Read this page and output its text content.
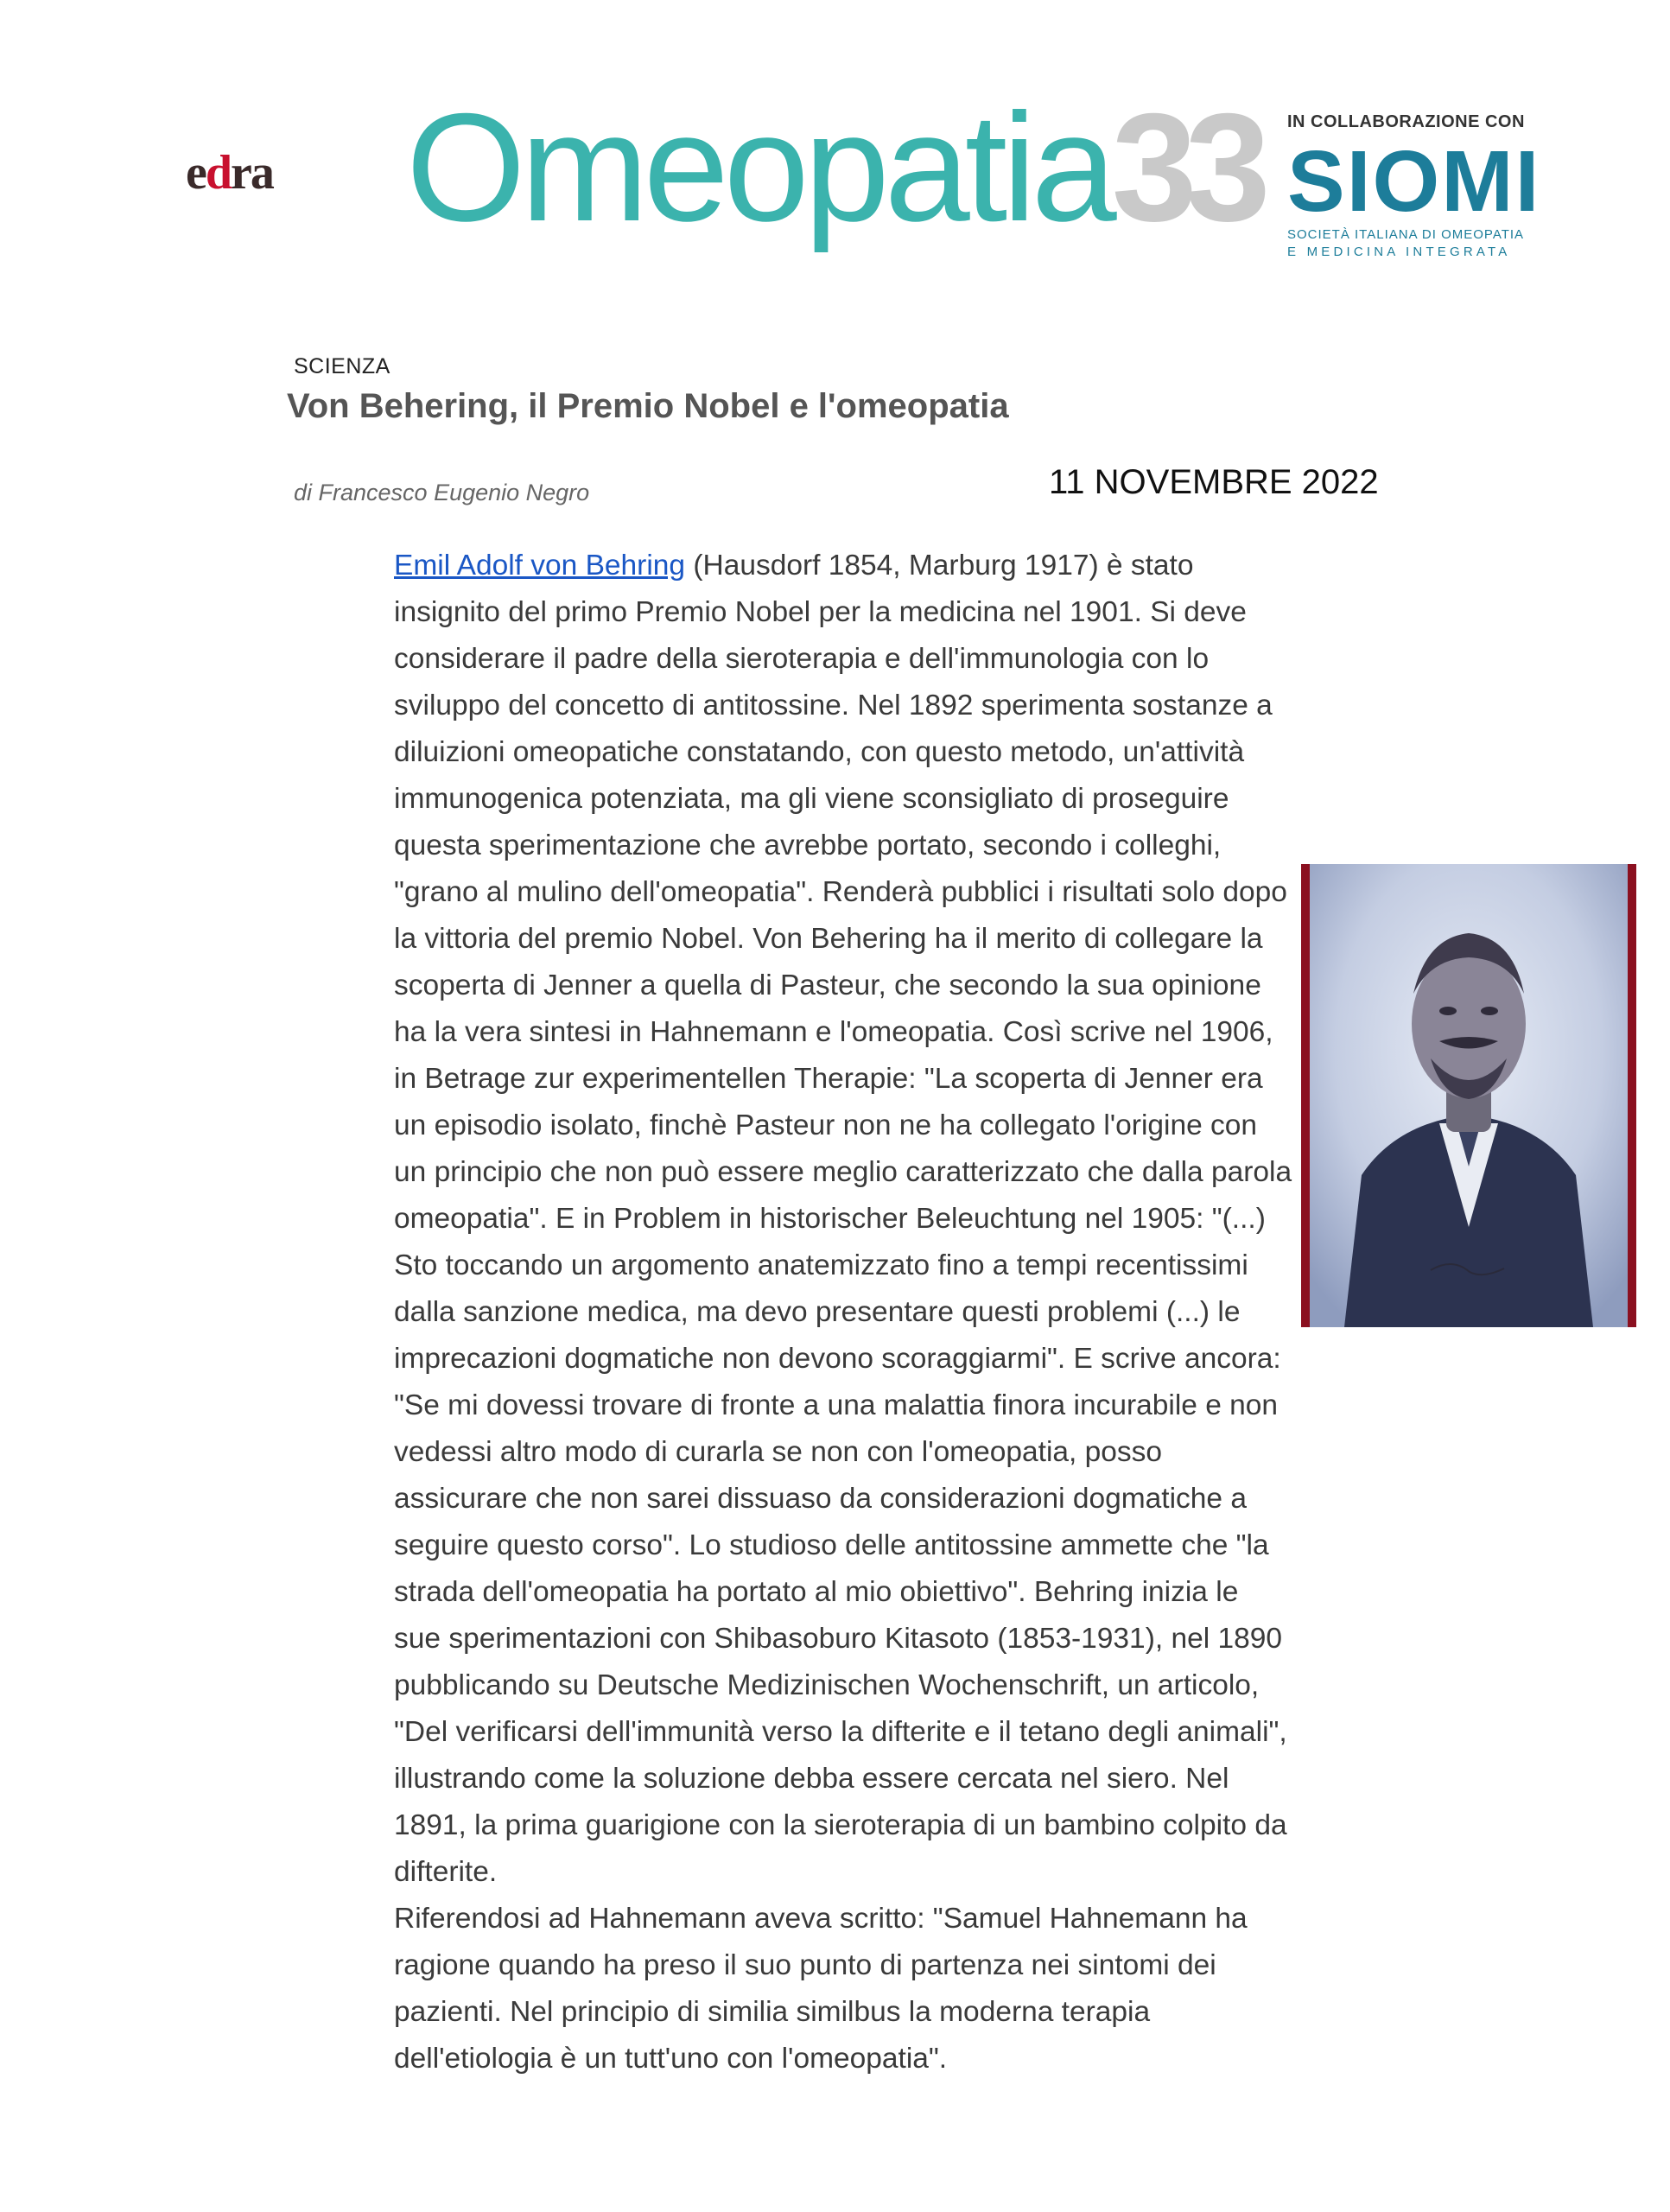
edra Omeopatia33 IN COLLABORAZIONE CON
SIOMI
SOCIETÀ ITALIANA DI OMEOPATIA
E MEDICINA INTEGRATA
SCIENZA
Von Behering, il Premio Nobel e l'omeopatia
di Francesco Eugenio Negro	11 NOVEMBRE 2022

Emil Adolf von Behring (Hausdorf 1854, Marburg 1917) è stato insignito del primo Premio Nobel per la medicina nel 1901. Si deve considerare il padre della sieroterapia e dell'immunologia con lo sviluppo del concetto di antitossine. Nel 1892 sperimenta sostanze a diluizioni omeopatiche constatando, con questo metodo, un'attività immunogenica potenziata, ma gli viene sconsigliato di proseguire questa sperimentazione che avrebbe portato, secondo i colleghi, "grano al mulino dell'omeopatia". Renderà pubblici i risultati solo dopo la vittoria del premio Nobel. Von Behering ha il merito di collegare la scoperta di Jenner a quella di Pasteur, che secondo la sua opinione ha la vera sintesi in Hahnemann e l'omeopatia. Così scrive nel 1906, in Betrage zur experimentellen Therapie: "La scoperta di Jenner era un episodio isolato, finchè Pasteur non ne ha collegato l'origine con un principio che non può essere meglio caratterizzato che dalla parola omeopatia". E in Problem in historischer Beleuchtung nel 1905: "(...) Sto toccando un argomento anatemizzato fino a tempi recentissimi dalla sanzione medica, ma devo presentare questi problemi (...) le imprecazioni dogmatiche non devono scoraggiarmi". E scrive ancora: "Se mi dovessi trovare di fronte a una malattia finora incurabile e non vedessi altro modo di curarla se non con l'omeopatia, posso assicurare che non sarei dissuaso da considerazioni dogmatiche a seguire questo corso". Lo studioso delle antitossine ammette che "la strada dell'omeopatia ha portato al mio obiettivo". Behring inizia le sue sperimentazioni con Shibasoburo Kitasoto (1853-1931), nel 1890 pubblicando su Deutsche Medizinischen Wochenschrift, un articolo, "Del verificarsi dell'immunità verso la difterite e il tetano degli animali", illustrando come la soluzione debba essere cercata nel siero. Nel 1891, la prima guarigione con la sieroterapia di un bambino colpito da difterite.

Riferendosi ad Hahnemann aveva scritto: "Samuel Hahnemann ha ragione quando ha preso il suo punto di partenza nei sintomi dei pazienti. Nel principio di similia similbus la moderna terapia dell'etiologia è un tutt'uno con l'omeopatia".
